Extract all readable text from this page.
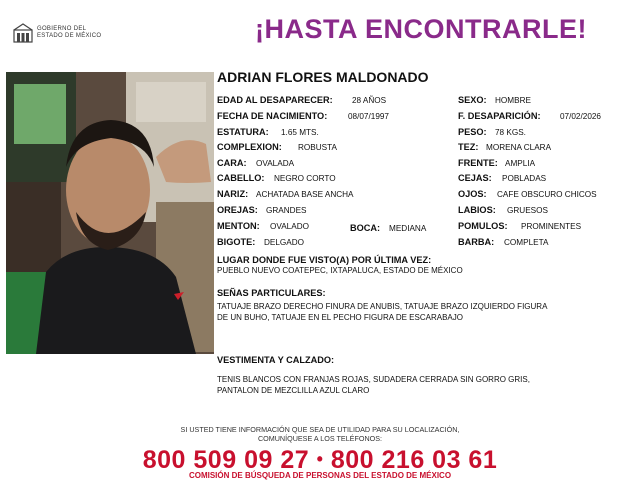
GOBIERNO DEL
ESTADO DE MÉXICO	¡HASTA ENCONTRARLE!
ADRIAN FLORES MALDONADO
EDAD AL DESAPARECER: 28 AÑOS
FECHA DE NACIMIENTO:	08/07/1997
ESTATURA: 1.65 MTS.
COMPLEXION: ROBUSTA
CARA: OVALADA
CABELLO: NEGRO CORTO
NARIZ: ACHATADA BASE ANCHA
OREJAS: GRANDES
MENTON: OVALADO	BOCA: MEDIANA
BIGOTE: DELGADO
SEXO: HOMBRE
F. DESAPARICIÓN: 07/02/2026
PESO: 78 KGS.
TEZ: MORENA CLARA
FRENTE: AMPLIA
CEJAS: POBLADAS
OJOS: CAFE OBSCURO CHICOS
LABIOS: GRUESOS
POMULOS: PROMINENTES
BARBA: COMPLETA
LUGAR DONDE FUE VISTO(A) POR ÚLTIMA VEZ:
PUEBLO NUEVO COATEPEC, IXTAPALUCA, ESTADO DE MÉXICO
SEÑAS PARTICULARES:
TATUAJE BRAZO DERECHO FINURA DE ANUBIS, TATUAJE BRAZO IZQUIERDO FIGURA
DE UN BUHO, TATUAJE EN EL PECHO FIGURA DE ESCARABAJO
VESTIMENTA Y CALZADO:
TENIS BLANCOS CON FRANJAS ROJAS, SUDADERA CERRADA SIN GORRO GRIS,
PANTALON DE MEZCLILLA AZUL CLARO
SI USTED TIENE INFORMACIÓN QUE SEA DE UTILIDAD PARA SU LOCALIZACIÓN,
COMUNÍQUESE A LOS TELÉFONOS:
800 509 09 27 • 800 216 03 61
COMISIÓN DE BÚSQUEDA DE PERSONAS DEL ESTADO DE MÉXICO
